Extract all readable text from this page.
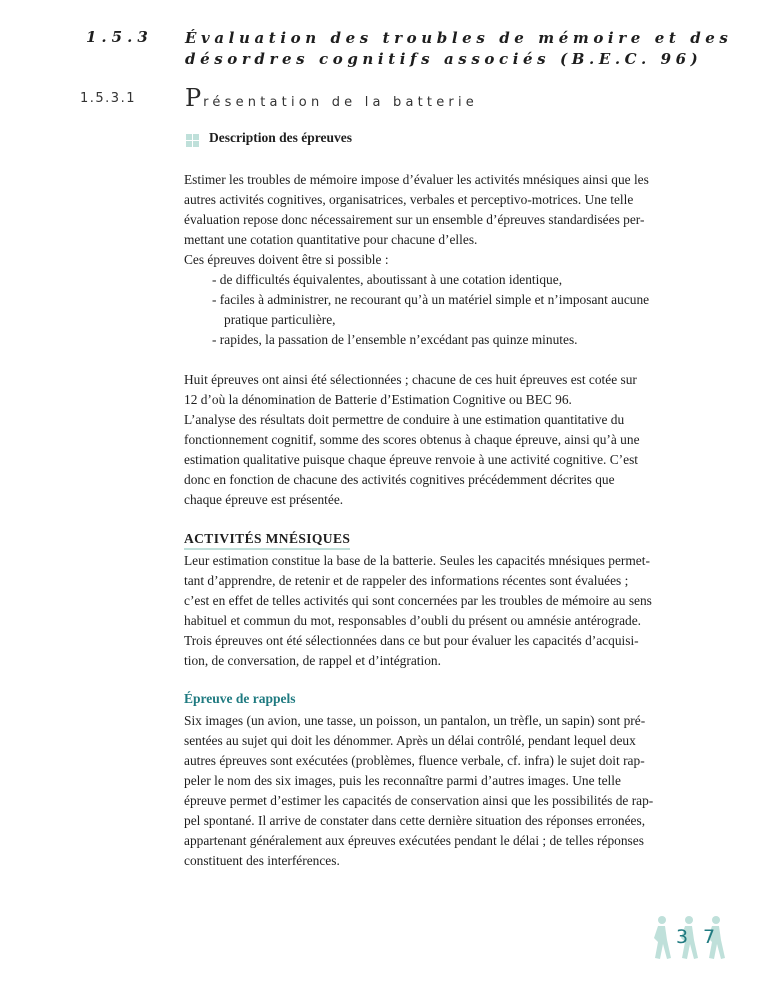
1.5.3 Évaluation des troubles de mémoire et des
désordres cognitifs associés (B.E.C. 96)
1.5.3.1 Présentation de la batterie
Description des épreuves
Estimer les troubles de mémoire impose d’évaluer les activités mnésiques ainsi que les
autres activités cognitives, organisatrices, verbales et perceptivo-motrices. Une telle
évaluation repose donc nécessairement sur un ensemble d’épreuves standardisées per-
mettant une cotation quantitative pour chacune d’elles.
Ces épreuves doivent être si possible :
- de difficultés équivalentes, aboutissant à une cotation identique,
- faciles à administrer, ne recourant qu’à un matériel simple et n’imposant aucune
pratique particulière,
- rapides, la passation de l’ensemble n’excédant pas quinze minutes.
Huit épreuves ont ainsi été sélectionnées ; chacune de ces huit épreuves est cotée sur
12 d’où la dénomination de Batterie d’Estimation Cognitive ou BEC 96.
L’analyse des résultats doit permettre de conduire à une estimation quantitative du
fonctionnement cognitif, somme des scores obtenus à chaque épreuve, ainsi qu’à une
estimation qualitative puisque chaque épreuve renvoie à une activité cognitive. C’est
donc en fonction de chacune des activités cognitives précédemment décrites que
chaque épreuve est présentée.
ACTIVITÉS MNÉSIQUES
Leur estimation constitue la base de la batterie. Seules les capacités mnésiques permet-
tant d’apprendre, de retenir et de rappeler des informations récentes sont évaluées ;
c’est en effet de telles activités qui sont concernées par les troubles de mémoire au sens
habituel et commun du mot, responsables d’oubli du présent ou amnésie antérograde.
Trois épreuves ont été sélectionnées dans ce but pour évaluer les capacités d’acquisi-
tion, de conversation, de rappel et d’intégration.
Épreuve de rappels
Six images (un avion, une tasse, un poisson, un pantalon, un trèfle, un sapin) sont pré-
sentées au sujet qui doit les dénommer. Après un délai contrôlé, pendant lequel deux
autres épreuves sont exécutées (problèmes, fluence verbale, cf. infra) le sujet doit rap-
peler le nom des six images, puis les reconnaître parmi d’autres images. Une telle
épreuve permet d’estimer les capacités de conservation ainsi que les possibilités de rap-
pel spontané. Il arrive de constater dans cette dernière situation des réponses erronées,
appartenant généralement aux épreuves exécutées pendant le délai ; de telles réponses
constituent des interférences.
3 7
